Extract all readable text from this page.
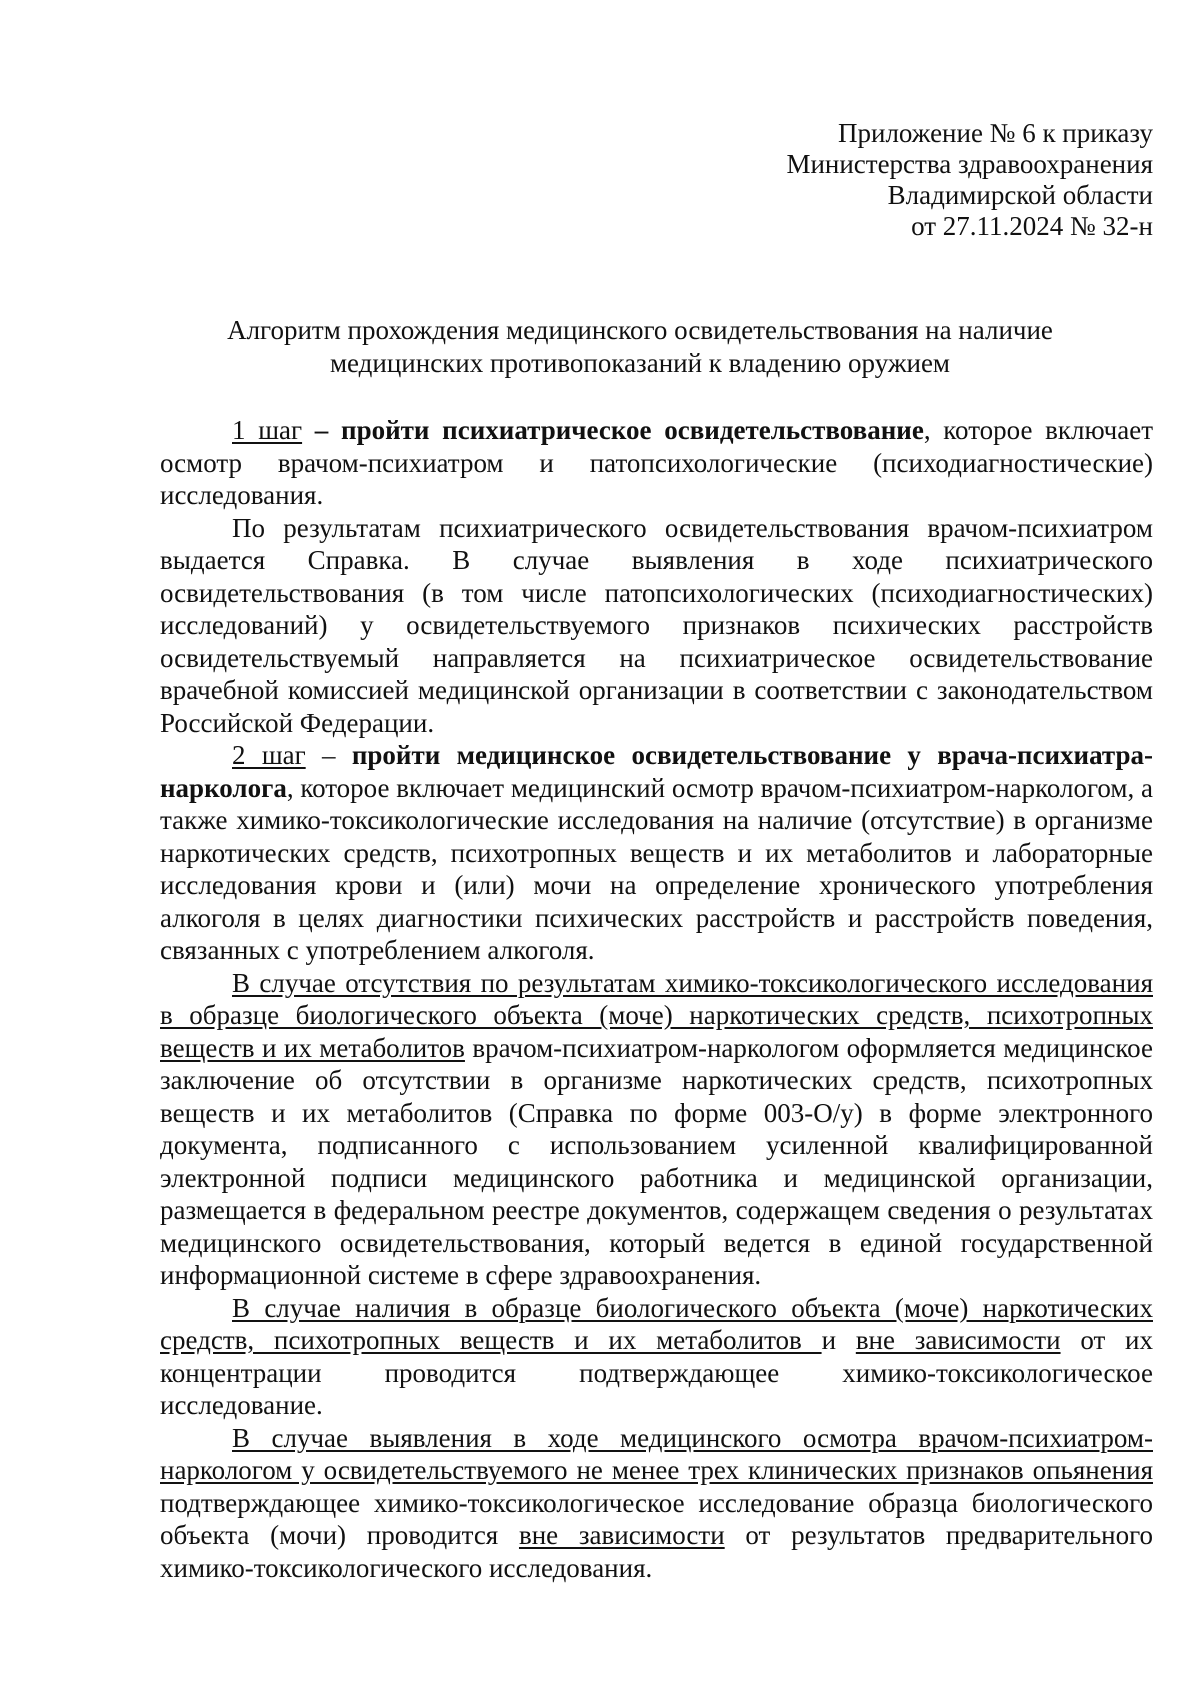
Приложение № 6 к приказу
Министерства здравоохранения
Владимирской области
от 27.11.2024 № 32-н
Алгоритм прохождения медицинского освидетельствования на наличие
медицинских противопоказаний к владению оружием

1 шаг – пройти психиатрическое освидетельствование, которое включает осмотр врачом-психиатром и патопсихологические (психодиагностические) исследования.

По результатам психиатрического освидетельствования врачом-психиатром выдается Справка. В случае выявления в ходе психиатрического освидетельствования (в том числе патопсихологических (психодиагностических) исследований) у освидетельствуемого признаков психических расстройств освидетельствуемый направляется на психиатрическое освидетельствование врачебной комиссией медицинской организации в соответствии с законодательством Российской Федерации.

2 шаг – пройти медицинское освидетельствование у врача-психиатра-нарколога, которое включает медицинский осмотр врачом-психиатром-наркологом, а также химико-токсикологические исследования на наличие (отсутствие) в организме наркотических средств, психотропных веществ и их метаболитов и лабораторные исследования крови и (или) мочи на определение хронического употребления алкоголя в целях диагностики психических расстройств и расстройств поведения, связанных с употреблением алкоголя.

В случае отсутствия по результатам химико-токсикологического исследования в образце биологического объекта (моче) наркотических средств, психотропных веществ и их метаболитов врачом-психиатром-наркологом оформляется медицинское заключение об отсутствии в организме наркотических средств, психотропных веществ и их метаболитов (Справка по форме 003-О/у) в форме электронного документа, подписанного с использованием усиленной квалифицированной электронной подписи медицинского работника и медицинской организации, размещается в федеральном реестре документов, содержащем сведения о результатах медицинского освидетельствования, который ведется в единой государственной информационной системе в сфере здравоохранения.

В случае наличия в образце биологического объекта (моче) наркотических средств, психотропных веществ и их метаболитов и вне зависимости от их концентрации проводится подтверждающее химико-токсикологическое исследование.

В случае выявления в ходе медицинского осмотра врачом-психиатром-наркологом у освидетельствуемого не менее трех клинических признаков опьянения подтверждающее химико-токсикологическое исследование образца биологического объекта (мочи) проводится вне зависимости от результатов предварительного химико-токсикологического исследования.
